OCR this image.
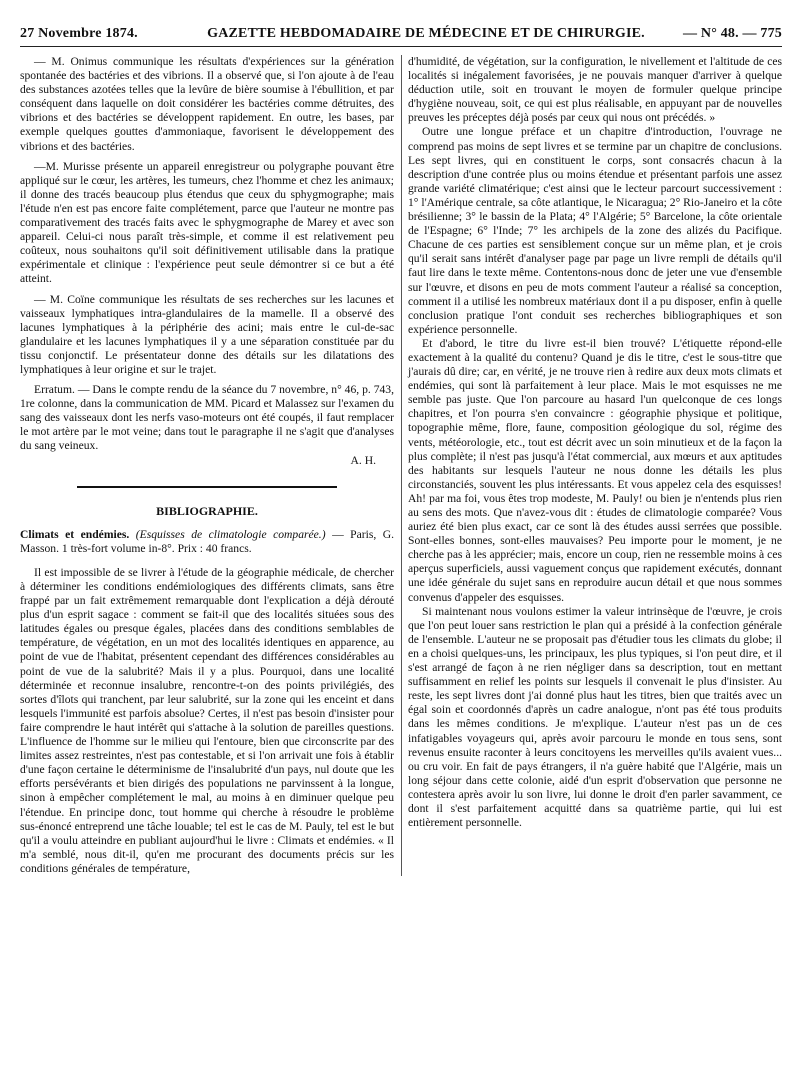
27 Novembre 1874.	GAZETTE HEBDOMADAIRE DE MÉDECINE ET DE CHIRURGIE.	— N° 48. — 775

— M. Onimus communique les résultats d'expériences sur la génération spontanée des bactéries et des vibrions. Il a observé que, si l'on ajoute à de l'eau des substances azotées telles que la levûre de bière soumise à l'ébullition, et par conséquent dans laquelle on doit considérer les bactéries comme détruites, des vibrions et des bactéries se développent rapidement. En outre, les bases, par exemple quelques gouttes d'ammoniaque, favorisent le développement des vibrions et des bactéries.

—M. Murisse présente un appareil enregistreur ou polygraphe pouvant être appliqué sur le cœur, les artères, les tumeurs, chez l'homme et chez les animaux; il donne des tracés beaucoup plus étendus que ceux du sphygmographe; mais l'étude n'en est pas encore faite complétement, parce que l'auteur ne montre pas comparativement des tracés faits avec le sphygmographe de Marey et avec son appareil. Celui-ci nous paraît très-simple, et comme il est relativement peu coûteux, nous souhaitons qu'il soit définitivement utilisable dans la pratique expérimentale et clinique : l'expérience peut seule démontrer si ce but a été atteint.

— M. Coïne communique les résultats de ses recherches sur les lacunes et vaisseaux lymphatiques intra-glandulaires de la mamelle. Il a observé des lacunes lymphatiques à la périphérie des acini; mais entre le cul-de-sac glandulaire et les lacunes lymphatiques il y a une séparation constituée par du tissu conjonctif. Le présentateur donne des détails sur les dilatations des lymphatiques à leur origine et sur le trajet.

Erratum. — Dans le compte rendu de la séance du 7 novembre, n° 46, p. 743, 1re colonne, dans la communication de MM. Picard et Malassez sur l'examen du sang des vaisseaux dont les nerfs vaso-moteurs ont été coupés, il faut remplacer le mot artère par le mot veine; dans tout le paragraphe il ne s'agit que d'analyses du sang veineux.

A. H.
BIBLIOGRAPHIE.

Climats et endémies. (Esquisses de climatologie comparée.) — Paris, G. Masson. 1 très-fort volume in-8°. Prix : 40 francs.

Il est impossible de se livrer à l'étude de la géographie médicale, de chercher à déterminer les conditions endémiologiques des différents climats, sans être frappé par un fait extrêmement remarquable dont l'explication a déjà dérouté plus d'un esprit sagace : comment se fait-il que des localités situées sous des latitudes égales ou presque égales, placées dans des conditions semblables de température, de végétation, en un mot des localités identiques en apparence, au point de vue de l'habitat, présentent cependant des différences considérables au point de vue de la salubrité? Mais il y a plus. Pourquoi, dans une localité déterminée et reconnue insalubre, rencontre-t-on des points privilégiés, des sortes d'îlots qui tranchent, par leur salubrité, sur la zone qui les enceint et dans lesquels l'immunité est parfois absolue? Certes, il n'est pas besoin d'insister pour faire comprendre le haut intérêt qui s'attache à la solution de pareilles questions. L'influence de l'homme sur le milieu qui l'entoure, bien que circonscrite par des limites assez restreintes, n'est pas contestable, et si l'on arrivait une fois à établir d'une façon certaine le déterminisme de l'insalubrité d'un pays, nul doute que les efforts persévérants et bien dirigés des populations ne parvinssent à la longue, sinon à empêcher complétement le mal, au moins à en diminuer quelque peu l'étendue. En principe donc, tout homme qui cherche à résoudre le problème sus-énoncé entreprend une tâche louable; tel est le cas de M. Pauly, tel est le but qu'il a voulu atteindre en publiant aujourd'hui le livre : Climats et endémies. « Il m'a semblé, nous dit-il, qu'en me procurant des documents précis sur les conditions générales de température,

d'humidité, de végétation, sur la configuration, le nivellement et l'altitude de ces localités si inégalement favorisées, je ne pouvais manquer d'arriver à quelque déduction utile, soit en trouvant le moyen de formuler quelque principe d'hygiène nouveau, soit, ce qui est plus réalisable, en appuyant par de nouvelles preuves les préceptes déjà posés par ceux qui nous ont précédés. »

Outre une longue préface et un chapitre d'introduction, l'ouvrage ne comprend pas moins de sept livres et se termine par un chapitre de conclusions. Les sept livres, qui en constituent le corps, sont consacrés chacun à la description d'une contrée plus ou moins étendue et présentant parfois une assez grande variété climatérique; c'est ainsi que le lecteur parcourt successivement : 1° l'Amérique centrale, sa côte atlantique, le Nicaragua; 2° Rio-Janeiro et la côte brésilienne; 3° le bassin de la Plata; 4° l'Algérie; 5° Barcelone, la côte orientale de l'Espagne; 6° l'Inde; 7° les archipels de la zone des alizés du Pacifique. Chacune de ces parties est sensiblement conçue sur un même plan, et je crois qu'il serait sans intérêt d'analyser page par page un livre rempli de détails qu'il faut lire dans le texte même. Contentons-nous donc de jeter une vue d'ensemble sur l'œuvre, et disons en peu de mots comment l'auteur a réalisé sa conception, comment il a utilisé les nombreux matériaux dont il a pu disposer, enfin à quelle conclusion pratique l'ont conduit ses recherches bibliographiques et son expérience personnelle.

Et d'abord, le titre du livre est-il bien trouvé? L'étiquette répond-elle exactement à la qualité du contenu? Quand je dis le titre, c'est le sous-titre que j'aurais dû dire; car, en vérité, je ne trouve rien à redire aux deux mots climats et endémies, qui sont là parfaitement à leur place. Mais le mot esquisses ne me semble pas juste. Que l'on parcoure au hasard l'un quelconque de ces longs chapitres, et l'on pourra s'en convaincre : géographie physique et politique, topographie même, flore, faune, composition géologique du sol, régime des vents, météorologie, etc., tout est décrit avec un soin minutieux et de la façon la plus complète; il n'est pas jusqu'à l'état commercial, aux mœurs et aux aptitudes des habitants sur lesquels l'auteur ne nous donne les détails les plus circonstanciés, souvent les plus intéressants. Et vous appelez cela des esquisses! Ah! par ma foi, vous êtes trop modeste, M. Pauly! ou bien je n'entends plus rien au sens des mots. Que n'avez-vous dit : études de climatologie comparée? Vous auriez été bien plus exact, car ce sont là des études aussi serrées que possible. Sont-elles bonnes, sont-elles mauvaises? Peu importe pour le moment, je ne cherche pas à les apprécier; mais, encore un coup, rien ne ressemble moins à ces aperçus superficiels, aussi vaguement conçus que rapidement exécutés, donnant une idée générale du sujet sans en reproduire aucun détail et que nous sommes convenus d'appeler des esquisses.

Si maintenant nous voulons estimer la valeur intrinsèque de l'œuvre, je crois que l'on peut louer sans restriction le plan qui a présidé à la confection générale de l'ensemble. L'auteur ne se proposait pas d'étudier tous les climats du globe; il en a choisi quelques-uns, les principaux, les plus typiques, si l'on peut dire, et il s'est arrangé de façon à ne rien négliger dans sa description, tout en mettant suffisamment en relief les points sur lesquels il convenait le plus d'insister. Au reste, les sept livres dont j'ai donné plus haut les titres, bien que traités avec un égal soin et coordonnés d'après un cadre analogue, n'ont pas été tous produits dans les mêmes conditions. Je m'explique. L'auteur n'est pas un de ces infatigables voyageurs qui, après avoir parcouru le monde en tous sens, sont revenus ensuite raconter à leurs concitoyens les merveilles qu'ils avaient vues... ou cru voir. En fait de pays étrangers, il n'a guère habité que l'Algérie, mais un long séjour dans cette colonie, aidé d'un esprit d'observation que personne ne contestera après avoir lu son livre, lui donne le droit d'en parler savamment, ce dont il s'est parfaitement acquitté dans sa quatrième partie, qui lui est entièrement personnelle.
